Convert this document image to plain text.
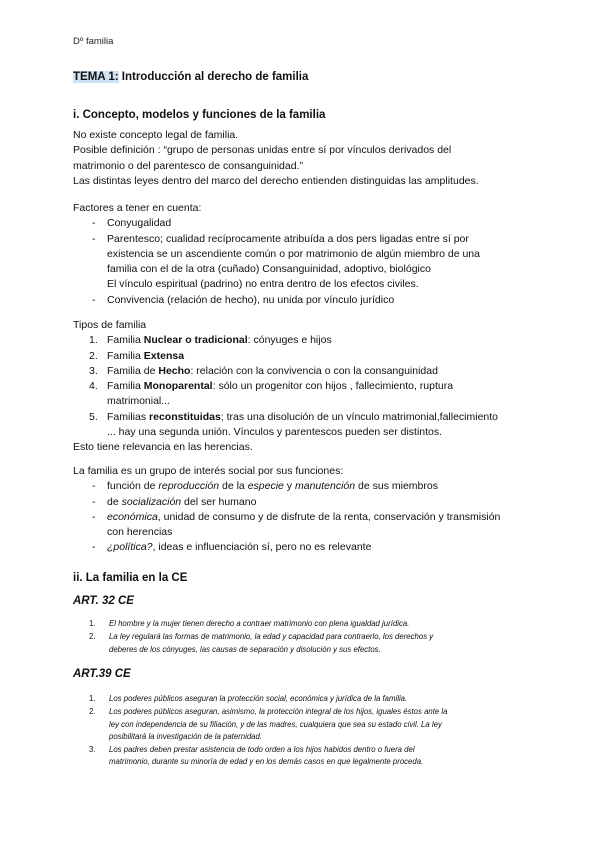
Dº familia
TEMA 1: Introducción al derecho de familia
i. Concepto, modelos y funciones de la familia
No existe concepto legal de familia.
Posible definición : “grupo de personas unidas entre sí por vínculos derivados del
matrimonio o del parentesco de consanguinidad.”
Las distintas leyes dentro del marco del derecho entienden distinguidas las amplitudes.
Factores a tener en cuenta:
- Conyugalidad
- Parentesco; cualidad recíprocamente atribuída a dos pers ligadas entre sí por
existencia se un ascendiente común o por matrimonio de algún miembro de una
familia con el de la otra (cuñado) Consanguinidad, adoptivo, biológico
El vínculo espiritual (padrino) no entra dentro de los efectos civiles.
- Convivencia (relación de hecho), nu unida por vínculo jurídico
Tipos de familia
1. Familia Nuclear o tradicional: cónyuges e hijos
2. Familia Extensa
3. Familia de Hecho: relación con la convivencia o con la consanguinidad
4. Familia Monoparental: sólo un progenitor con hijos , fallecimiento, ruptura
matrimonial...
5. Familias reconstituidas; tras una disolución de un vínculo matrimonial,fallecimiento
... hay una segunda unión. Vínculos y parentescos pueden ser distintos.
Esto tiene relevancia en las herencias.
La familia es un grupo de interés social por sus funciones:
- función de reproducción de la especie y manutención de sus miembros
- de socialización del ser humano
- económica, unidad de consumo y de disfrute de la renta, conservación y transmisión
con herencias
- ¿política?, ideas e influenciación sí, pero no es relevante
ii. La familia en la CE
ART. 32 CE
1. El hombre y la mujer tienen derecho a contraer matrimonio con plena igualdad jurídica.
2. La ley regulará las formas de matrimonio, la edad y capacidad para contraerlo, los derechos y
deberes de los cónyuges, las causas de separación y disolución y sus efectos.
ART.39 CE
1. Los poderes públicos aseguran la protección social, económica y jurídica de la familia.
2. Los poderes públicos aseguran, asimismo, la protección integral de los hijos, iguales éstos ante la
ley con independencia de su filiación, y de las madres, cualquiera que sea su estado civil. La ley
posibilitará la investigación de la paternidad.
3. Los padres deben prestar asistencia de todo orden a los hijos habidos dentro o fuera del
matrimonio, durante su minoría de edad y en los demás casos en que legalmente proceda.
